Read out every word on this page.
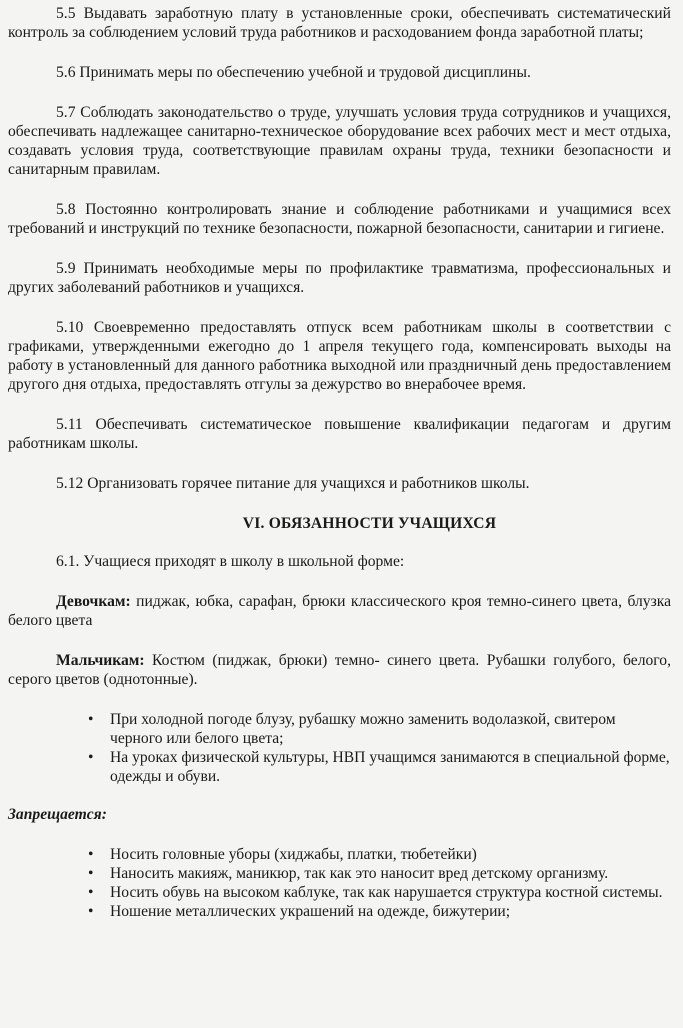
5.5 Выдавать заработную плату в установленные сроки, обеспечивать систематический контроль за соблюдением условий труда работников и расходованием фонда заработной платы;

5.6 Принимать меры по обеспечению учебной и трудовой дисциплины.

5.7 Соблюдать законодательство о труде, улучшать условия труда сотрудников и учащихся, обеспечивать надлежащее санитарно-техническое оборудование всех рабочих мест и мест отдыха, создавать условия труда, соответствующие правилам охраны труда, техники безопасности и санитарным правилам.

5.8 Постоянно контролировать знание и соблюдение работниками и учащимися всех требований и инструкций по технике безопасности, пожарной безопасности, санитарии и гигиене.

5.9 Принимать необходимые меры по профилактике травматизма, профессиональных и других заболеваний работников и учащихся.

5.10 Своевременно предоставлять отпуск всем работникам школы в соответствии с графиками, утвержденными ежегодно до 1 апреля текущего года, компенсировать выходы на работу в установленный для данного работника выходной или праздничный день предоставлением другого дня отдыха, предоставлять отгулы за дежурство во внерабочее время.

5.11 Обеспечивать систематическое повышение квалификации педагогам и другим работникам школы.

5.12 Организовать горячее питание для учащихся и работников школы.

VI. ОБЯЗАННОСТИ УЧАЩИХСЯ

6.1. Учащиеся приходят в школу в школьной форме:

Девочкам: пиджак, юбка, сарафан, брюки классического кроя темно-синего цвета, блузка белого цвета

Мальчикам: Костюм (пиджак, брюки) темно- синего цвета. Рубашки голубого, белого, серого цветов (однотонные).

• При холодной погоде блузу, рубашку можно заменить водолазкой, свитером черного или белого цвета;
• На уроках физической культуры, НВП учащимся занимаются в специальной форме, одежды и обуви.

Запрещается:

• Носить головные уборы (хиджабы, платки, тюбетейки)
• Наносить макияж, маникюр, так как это наносит вред детскому организму.
• Носить обувь на высоком каблуке, так как нарушается структура костной системы.
• Ношение металлических украшений на одежде, бижутерии;
